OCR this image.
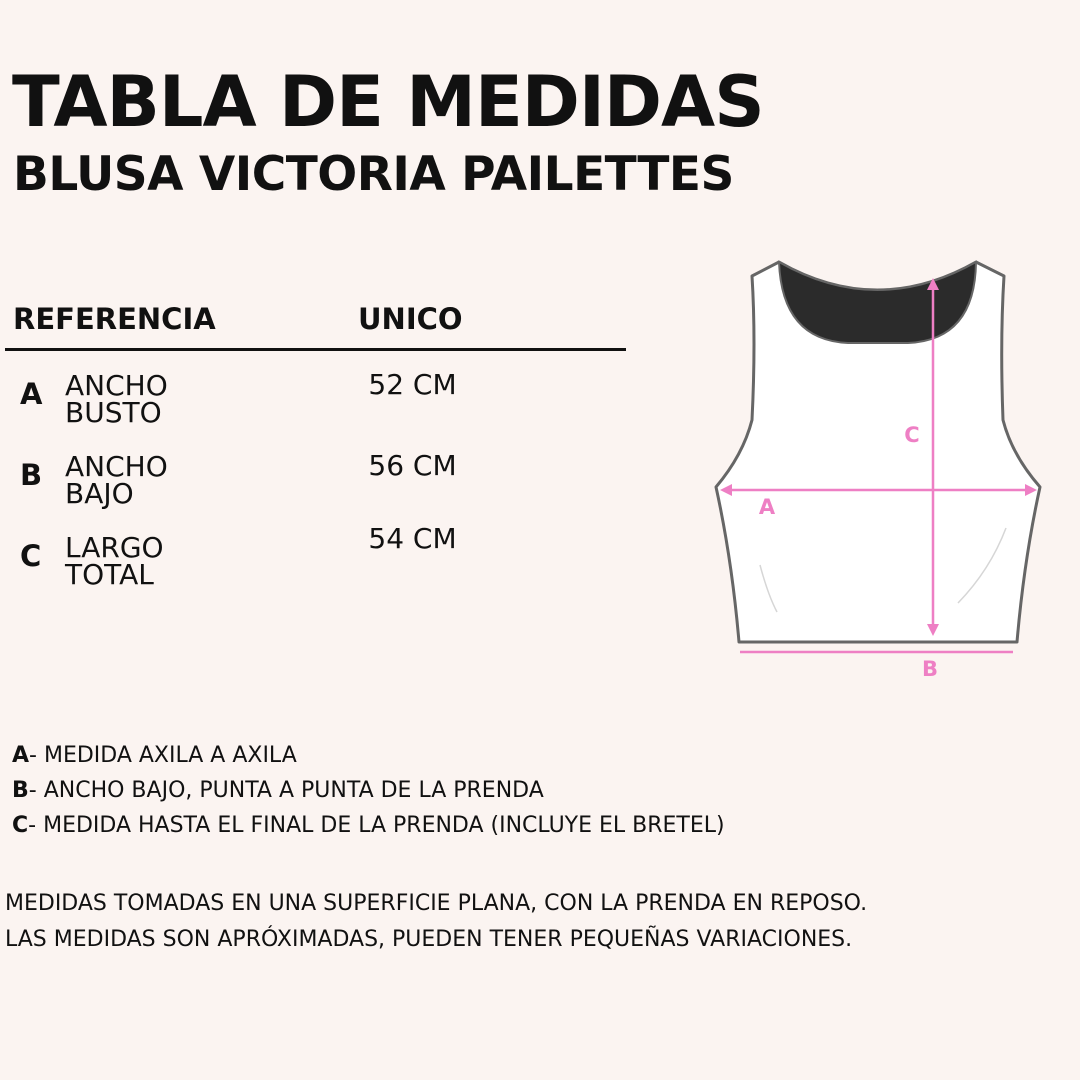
TABLA DE MEDIDAS
BLUSA VICTORIA PAILETTES
REFERENCIA	UNICO
A ANCHO
BUSTO
52 CM
B ANCHO
BAJO
56 CM
C LARGO
TOTAL
54 CM
C
A
B
A- MEDIDA AXILA A AXILA
B- ANCHO BAJO, PUNTA A PUNTA DE LA PRENDA
C- MEDIDA HASTA EL FINAL DE LA PRENDA (INCLUYE EL BRETEL)
MEDIDAS TOMADAS EN UNA SUPERFICIE PLANA, CON LA PRENDA EN REPOSO.
LAS MEDIDAS SON APRÓXIMADAS, PUEDEN TENER PEQUEÑAS VARIACIONES.
